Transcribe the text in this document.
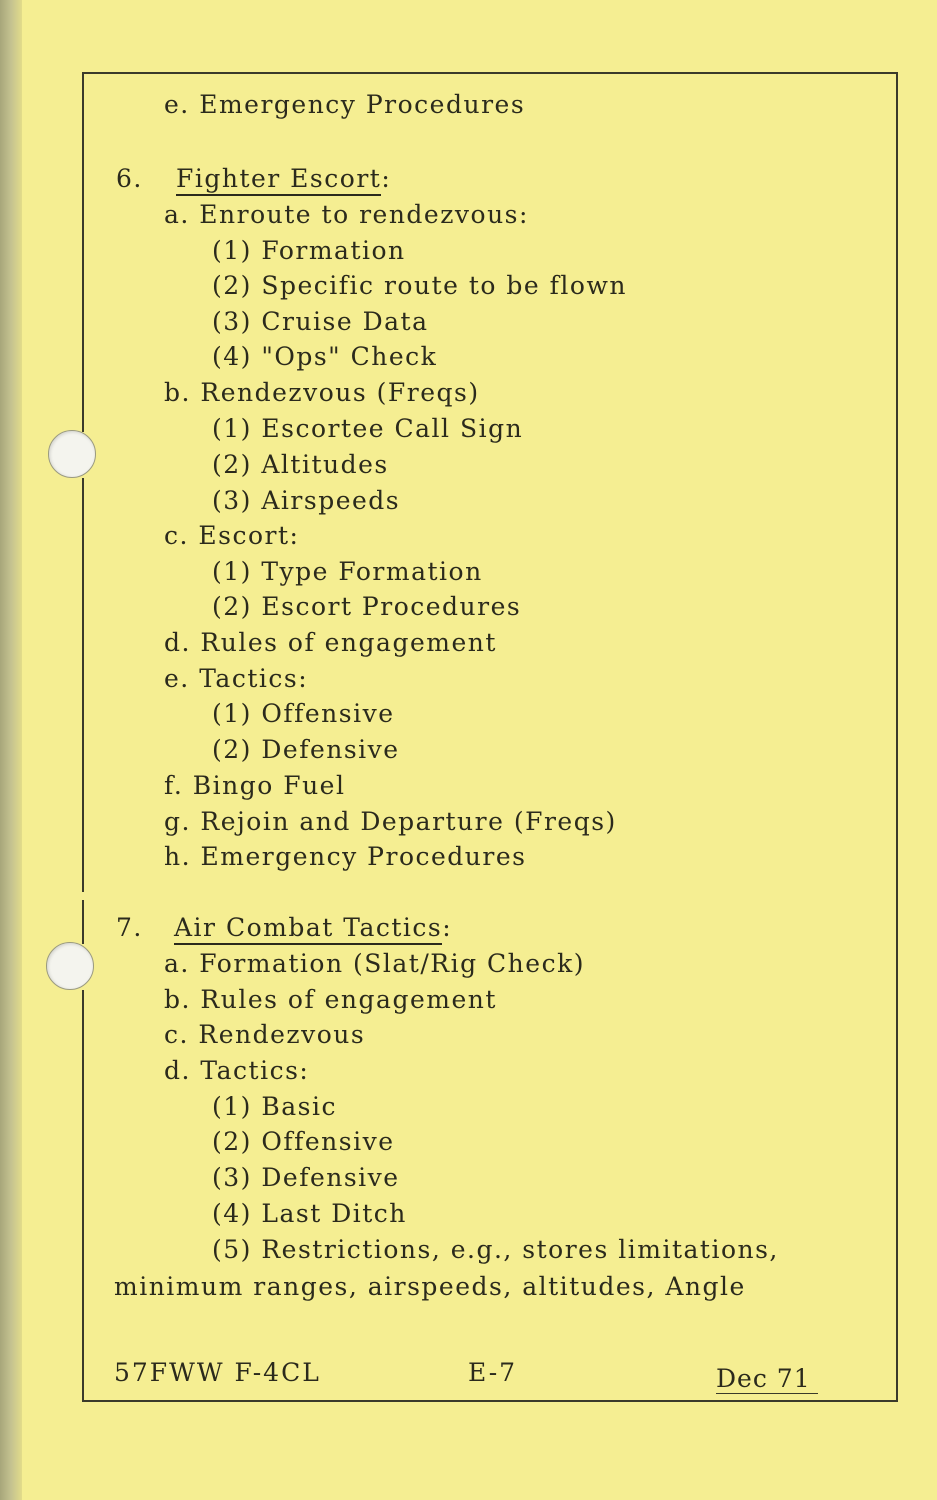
e. Emergency Procedures
6. Fighter Escort:
a. Enroute to rendezvous:
(1) Formation
(2) Specific route to be flown
(3) Cruise Data
(4) "Ops" Check
b. Rendezvous (Freqs)
(1) Escortee Call Sign
(2) Altitudes
(3) Airspeeds
c. Escort:
(1) Type Formation
(2) Escort Procedures
d. Rules of engagement
e. Tactics:
(1) Offensive
(2) Defensive
f. Bingo Fuel
g. Rejoin and Departure (Freqs)
h. Emergency Procedures
7. Air Combat Tactics:
a. Formation (Slat/Rig Check)
b. Rules of engagement
c. Rendezvous
d. Tactics:
(1) Basic
(2) Offensive
(3) Defensive
(4) Last Ditch
(5) Restrictions, e.g., stores limitations,
minimum ranges, airspeeds, altitudes, Angle
57FWW F-4CL	E-7	Dec 71
